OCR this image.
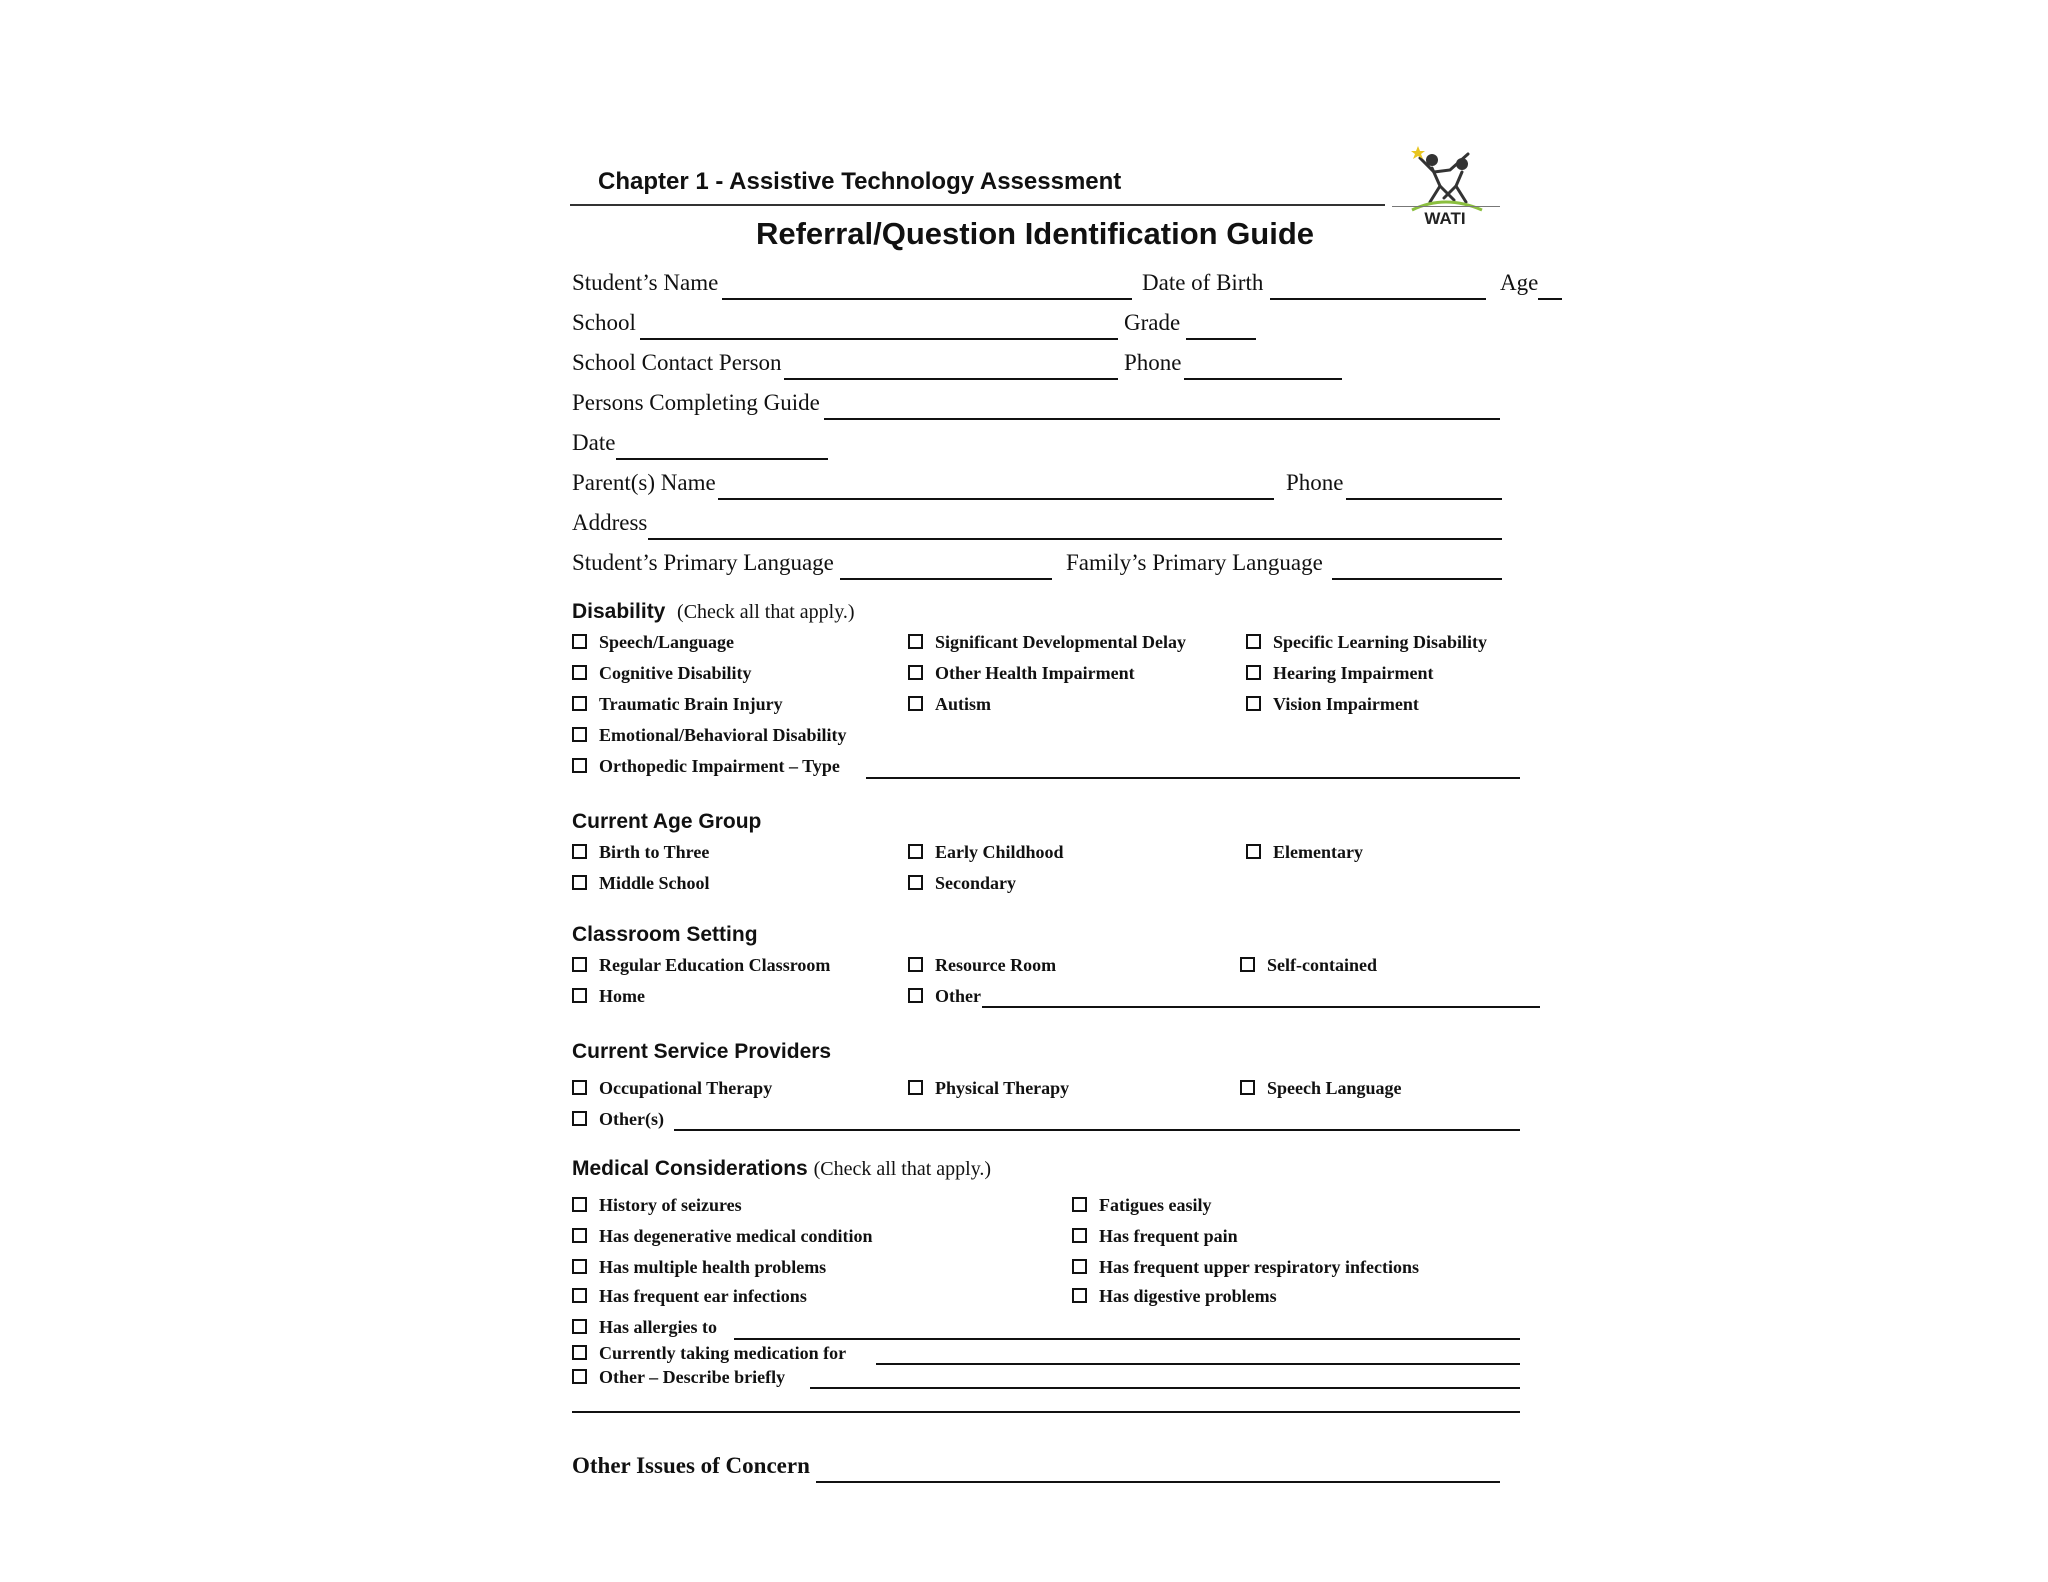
Chapter 1 - Assistive Technology Assessment
WATI
Referral/Question Identification Guide
Student’s Name	Date of Birth	Age
School	Grade
School Contact Person	Phone
Persons Completing Guide
Date
Parent(s) Name	Phone
Address
Student’s Primary Language	Family’s Primary Language
Disability (Check all that apply.)
Speech/Language	Significant Developmental Delay	Specific Learning Disability
Cognitive Disability	Other Health Impairment	Hearing Impairment
Traumatic Brain Injury	Autism	Vision Impairment
Emotional/Behavioral Disability
Orthopedic Impairment – Type
Current Age Group
Birth to Three	Early Childhood	Elementary
Middle School	Secondary
Classroom Setting
Regular Education Classroom	Resource Room	Self-contained
Home	Other
Current Service Providers
Occupational Therapy	Physical Therapy	Speech Language
Other(s)
Medical Considerations (Check all that apply.)
History of seizures	Fatigues easily
Has degenerative medical condition	Has frequent pain
Has multiple health problems	Has frequent upper respiratory infections
Has frequent ear infections	Has digestive problems
Has allergies to
Currently taking medication for
Other – Describe briefly
Other Issues of Concern
